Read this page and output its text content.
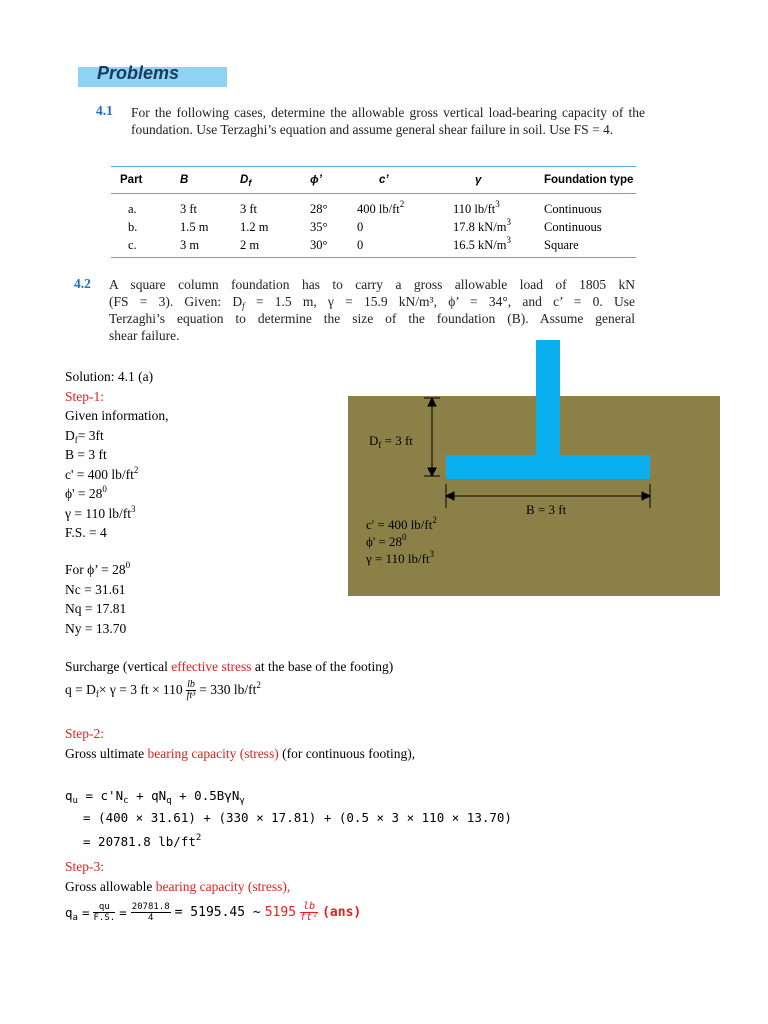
Problems
4.1 For the following cases, determine the allowable gross vertical load-bearing capacity of the foundation. Use Terzaghi’s equation and assume general shear failure in soil. Use FS = 4.
Part	B	$D_f$	ϕ’	c’	γ	Foundation type
a.	3 ft	3 ft	28°	400 $lb/ft^2$	110 $lb/ft^3$	Continuous
b.	1.5 m	1.2 m	35°	0	17.8 $kN/m^3$	Continuous
c.	3 m	2 m	30°	0	16.5 $kN/m^3$	Square
4.2 A square column foundation has to carry a gross allowable load of 1805 kN
(FS = 3). Given: $D_f = 1.5$ m, γ = 15.9 kN/m³, ϕ’ = 34°, and c’ = 0. Use
Terzaghi’s equation to determine the size of the foundation (B). Assume general
shear failure.
$D_f = 3$ ft
B = 3 ft
c' = 400 $lb/ft^2$
$\phi' = 28^0$
γ = 110 $lb/ft^3$
Solution: 4.1 (a)
Step-1:
Given information,
$D_f= 3ft$
B = 3 ft
c' = 400 $lb/ft^2$
$\phi' = 28^0$
γ = 110 $lb/ft^3$
F.S. = 4
For ϕ’ = $28^0$
Nc = 31.61
Nq = 17.81
Ny = 13.70
Surcharge (vertical effective stress at the base of the footing)
$q = D_f\times \gamma = 3$ ft × $110 \frac{lb}{\text{ft³}} = 330$ $lb/ft^2$
Step-2:
Gross ultimate bearing capacity (stress) (for continuous footing),
$q_u = c'N_c + qN_q + 0.5B\gamma N_\gamma$
= (400 × 31.61) + (330 × 17.81) + (0.5 × 3 × 110 × 13.70)
= 20781.8 $lb/ft^2$
Step-3:
Gross allowable bearing capacity (stress),
$q_a = \frac{qu}{F.S.} = \frac{20781.8}{4} = 5195.45$ ~ $5195 \frac{lb}{\text{ft²}} (ans)$
